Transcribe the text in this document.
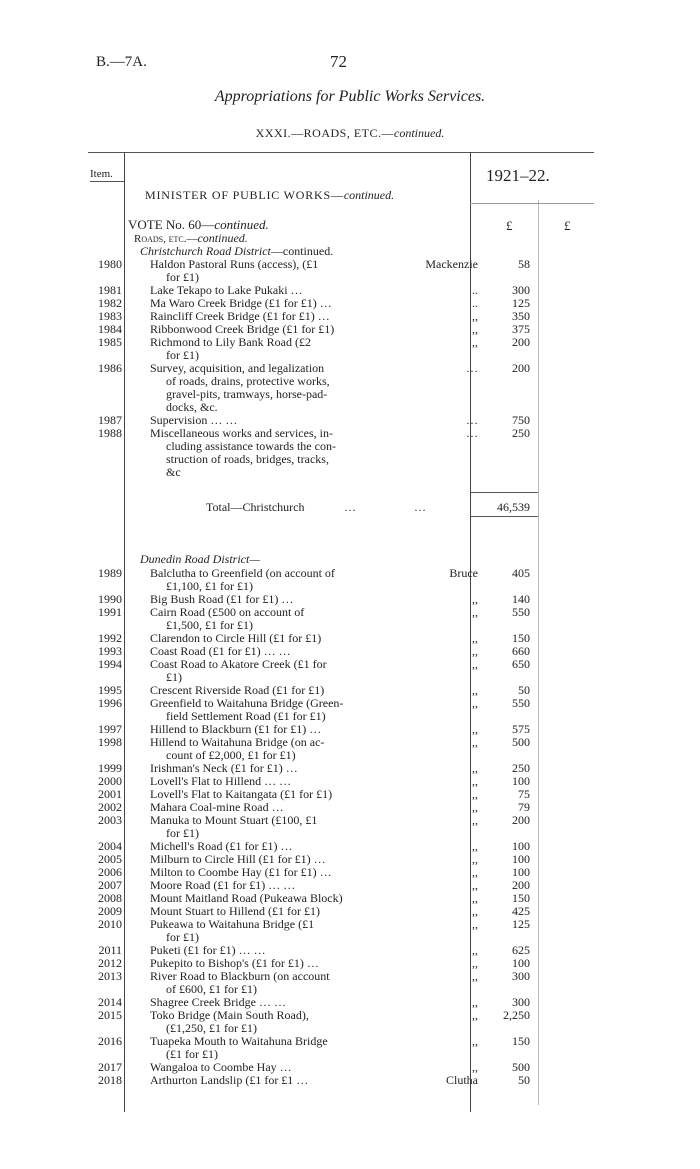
B.—7A.	72
Appropriations for Public Works Services.
XXXI.—ROADS, ETC.—continued.
Item.	1921–22.
MINISTER OF PUBLIC WORKS—continued.
£	£
VOTE No. 60—continued.
Roads, etc.—continued.
Christchurch Road District—continued.
1980 Haldon Pastoral Runs (access), (£1
for £1)
Mackenzie	58
1981 Lake Tekapo to Lake Pukaki …	..	300
1982 Ma Waro Creek Bridge (£1 for £1) …	..	125
1983 Raincliff Creek Bridge (£1 for £1) …	,,	350
1984 Ribbonwood Creek Bridge (£1 for £1)	,,	375
1985 Richmond to Lily Bank Road (£2
for £1)
,,	200
1986 Survey, acquisition, and legalization
of roads, drains, protective works,
gravel-pits, tramways, horse-pad-
docks, &c.
…	200
1987 Supervision … …	…	750
1988 Miscellaneous works and services, in-
cluding assistance towards the con-
struction of roads, bridges, tracks,
&c
…	250
Total—Christchurch	…	…	46,539
Dunedin Road District—
1989 Balclutha to Greenfield (on account of
£1,100, £1 for £1)
Bruce	405
1990 Big Bush Road (£1 for £1) …	,,	140
1991 Cairn Road (£500 on account of
£1,500, £1 for £1)
,,	550
1992 Clarendon to Circle Hill (£1 for £1)	,,	150
1993 Coast Road (£1 for £1) … …	,,	660
1994 Coast Road to Akatore Creek (£1 for
£1)
,,	650
1995 Crescent Riverside Road (£1 for £1)	,,	50
1996 Greenfield to Waitahuna Bridge (Green-
field Settlement Road (£1 for £1)
,,	550
1997 Hillend to Blackburn (£1 for £1) …	,,	575
1998 Hillend to Waitahuna Bridge (on ac-
count of £2,000, £1 for £1)
,,	500
1999 Irishman's Neck (£1 for £1) …	,,	250
2000 Lovell's Flat to Hillend … …	,,	100
2001 Lovell's Flat to Kaitangata (£1 for £1)	,,	75
2002 Mahara Coal-mine Road …	,,	79
2003 Manuka to Mount Stuart (£100, £1
for £1)
,,	200
2004 Michell's Road (£1 for £1) …	,,	100
2005 Milburn to Circle Hill (£1 for £1) …	,,	100
2006 Milton to Coombe Hay (£1 for £1) …	,,	100
2007 Moore Road (£1 for £1) … …	,,	200
2008 Mount Maitland Road (Pukeawa Block)	,,	150
2009 Mount Stuart to Hillend (£1 for £1)	,,	425
2010 Pukeawa to Waitahuna Bridge (£1
for £1)
,,	125
2011 Puketi (£1 for £1) … …	,,	625
2012 Pukepito to Bishop's (£1 for £1) …	,,	100
2013 River Road to Blackburn (on account
of £600, £1 for £1)
,,	300
2014 Shagree Creek Bridge … …	,,	300
2015 Toko Bridge (Main South Road),
(£1,250, £1 for £1)
,,	2,250
2016 Tuapeka Mouth to Waitahuna Bridge
(£1 for £1)
,,	150
2017 Wangaloa to Coombe Hay …	,,	500
2018 Arthurton Landslip (£1 for £1 …	Clutha	50
